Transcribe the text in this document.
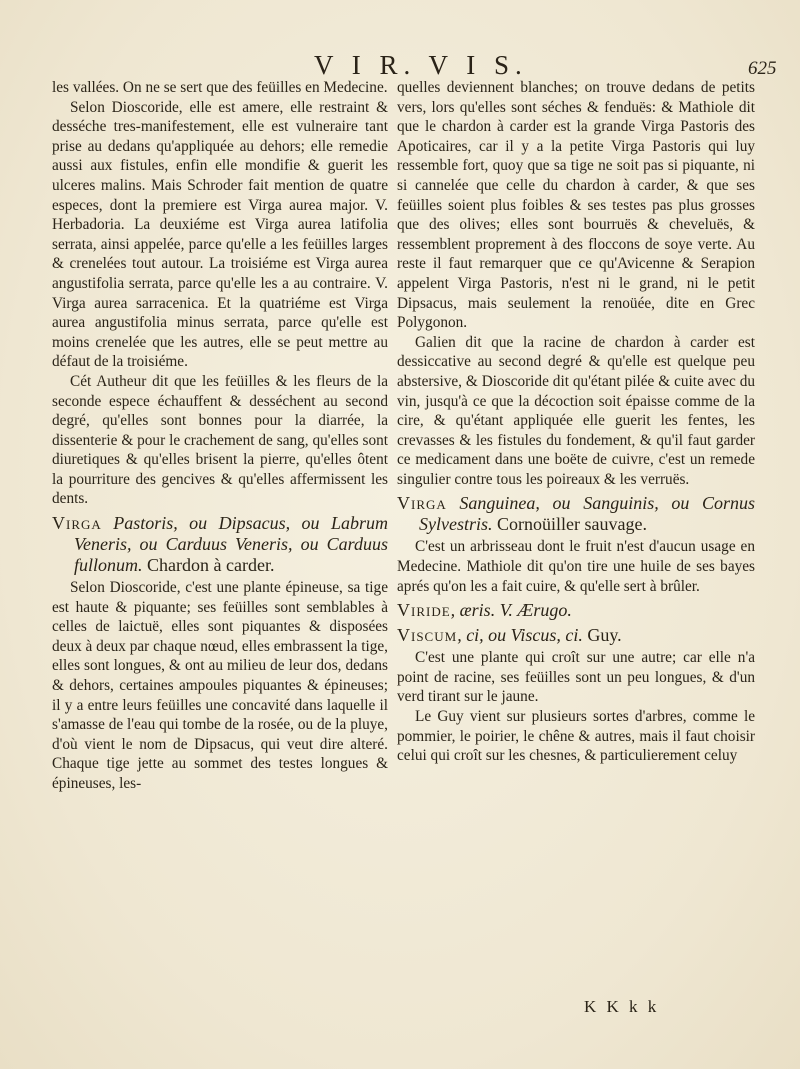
V I R. V I S.	625

les vallées. On ne se sert que des feüilles en Medecine.

Selon Dioscoride, elle est amere, elle restraint & desséche tres-manifestement, elle est vulneraire tant prise au dedans qu'appliquée au dehors; elle remedie aussi aux fistules, enfin elle mondifie & guerit les ulceres malins. Mais Schroder fait mention de quatre especes, dont la premiere est Virga aurea major. V. Herbadoria. La deuxiéme est Virga aurea latifolia serrata, ainsi appelée, parce qu'elle a les feüilles larges & crenelées tout autour. La troisiéme est Virga aurea angustifolia serrata, parce qu'elle les a au contraire. V. Virga aurea sarracenica. Et la quatriéme est Virga aurea angustifolia minus serrata, parce qu'elle est moins crenelée que les autres, elle se peut mettre au défaut de la troisiéme.

Cét Autheur dit que les feüilles & les fleurs de la seconde espece échauffent & desséchent au second degré, qu'elles sont bonnes pour la diarrée, la dissenterie & pour le crachement de sang, qu'elles sont diuretiques & qu'elles brisent la pierre, qu'elles ôtent la pourriture des gencives & qu'elles affermissent les dents.

Virga Pastoris, ou Dipsacus, ou Labrum Veneris, ou Carduus Veneris, ou Carduus fullonum. Chardon à carder.

Selon Dioscoride, c'est une plante épineuse, sa tige est haute & piquante; ses feüilles sont semblables à celles de laictuë, elles sont piquantes & disposées deux à deux par chaque nœud, elles embrassent la tige, elles sont longues, & ont au milieu de leur dos, dedans & dehors, certaines ampoules piquantes & épineuses; il y a entre leurs feüilles une concavité dans laquelle il s'amasse de l'eau qui tombe de la rosée, ou de la pluye, d'où vient le nom de Dipsacus, qui veut dire alteré. Chaque tige jette au sommet des testes longues & épineuses, les-

quelles deviennent blanches; on trouve dedans de petits vers, lors qu'elles sont séches & fenduës: & Mathiole dit que le chardon à carder est la grande Virga Pastoris des Apoticaires, car il y a la petite Virga Pastoris qui luy ressemble fort, quoy que sa tige ne soit pas si piquante, ni si cannelée que celle du chardon à carder, & que ses feüilles soient plus foibles & ses testes pas plus grosses que des olives; elles sont bourruës & cheveluës, & ressemblent proprement à des floccons de soye verte. Au reste il faut remarquer que ce qu'Avicenne & Serapion appelent Virga Pastoris, n'est ni le grand, ni le petit Dipsacus, mais seulement la renoüée, dite en Grec Polygonon.

Galien dit que la racine de chardon à carder est dessiccative au second degré & qu'elle est quelque peu abstersive, & Dioscoride dit qu'étant pilée & cuite avec du vin, jusqu'à ce que la décoction soit épaisse comme de la cire, & qu'étant appliquée elle guerit les fentes, les crevasses & les fistules du fondement, & qu'il faut garder ce medicament dans une boëte de cuivre, c'est un remede singulier contre tous les poireaux & les verruës.

Virga Sanguinea, ou Sanguinis, ou Cornus Sylvestris. Cornoüiller sauvage.

C'est un arbrisseau dont le fruit n'est d'aucun usage en Medecine. Mathiole dit qu'on tire une huile de ses bayes aprés qu'on les a fait cuire, & qu'elle sert à brûler.

Viride, æris. V. Ærugo.
Viscum, ci, ou Viscus, ci. Guy.

C'est une plante qui croît sur une autre; car elle n'a point de racine, ses feüilles sont un peu longues, & d'un verd tirant sur le jaune.

Le Guy vient sur plusieurs sortes d'arbres, comme le pommier, le poirier, le chêne & autres, mais il faut choisir celui qui croît sur les chesnes, & particulierement celuy

K K k k
